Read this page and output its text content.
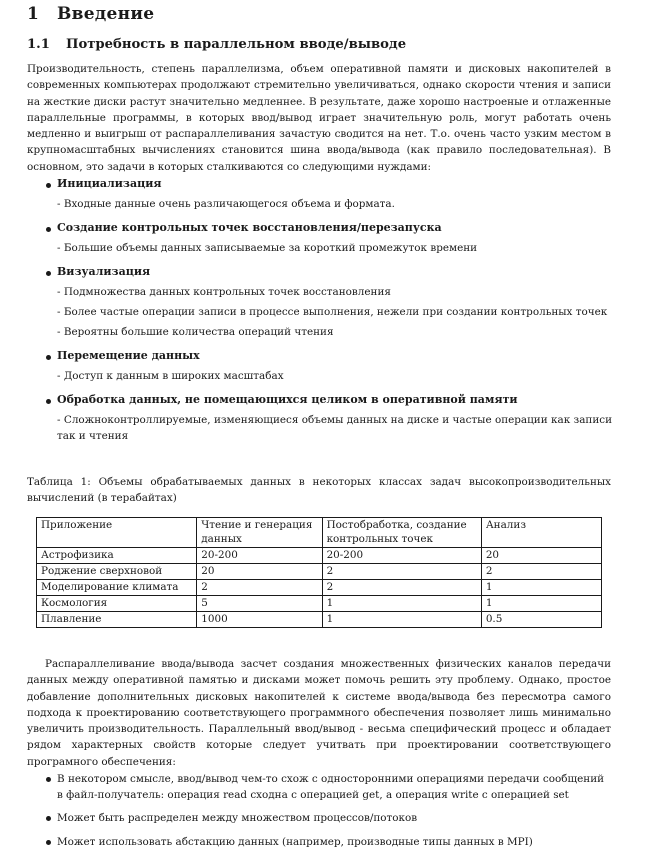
1 Введение
1.1 Потребность в параллельном вводе/выводе

Производительность, степень параллелизма, объем оперативной памяти и дисковых накопителей в современных компьютерах продолжают стремительно увеличиваться, однако скорости чтения и записи на жесткие диски растут значительно медленнее. В результате, даже хорошо настроеные и отлаженные параллельные программы, в которых ввод/вывод играет значительную роль, могут работать очень медленно и выигрыш от распараллеливания зачастую сводится на нет. Т.о. очень часто узким местом в крупномасштабных вычислениях становится шина ввода/вывода (как правило последовательная). В основном, это задачи в которых сталкиваются со следующими нуждами:

Инициализация
- Входные данные очень различающегося объема и формата.
Создание контрольных точек восстановления/перезапуска
- Большие объемы данных записываемые за короткий промежуток времени
Визуализация
- Подмножества данных контрольных точек восстановления
- Более частые операции записи в процессе выполнения, нежели при создании контрольных точек
- Вероятны большие количества операций чтения
Перемещение данных
- Доступ к данным в широких масштабах
Обработка данных, не помещающихся целиком в оперативной памяти
- Сложноконтроллируемые, изменяющиеся объемы данных на диске и частые операции как записи так и чтения
Таблица 1: Объемы обрабатываемых данных в некоторых классах задач высокопроизводительных вычислений (в терабайтах)
Приложение	Чтение и генерация данных	Постобработка, создание контрольных точек	Анализ
Астрофизика	20-200	20-200	20
Роджение сверхновой	20	2	2
Моделирование климата	2	2	1
Космология	5	1	1
Плавление	1000	1	0.5

Распараллеливание ввода/вывода засчет создания множественных физических каналов передачи данных между оперативной памятью и дисками может помочь решить эту проблему. Однако, простое добавление дополнительных дисковых накопителей к системе ввода/вывода без пересмотра самого подхода к проектированию соответствующего программного обеспечения позволяет лишь минимально увеличить производительность. Параллельный ввод/вывод - весьма специфический процесс и обладает рядом характерных свойств которые следует учитвать при проектировании соответствующего програмного обеспечения:

В некотором смысле, ввод/вывод чем-то схож с односторонними операциями передачи сообщений в файл-получатель: операция read сходна с операцией get, а операция write с операцией set
Может быть распределен между множеством процессов/потоков
Может использовать абстакцию данных (например, производные типы данных в MPI)
